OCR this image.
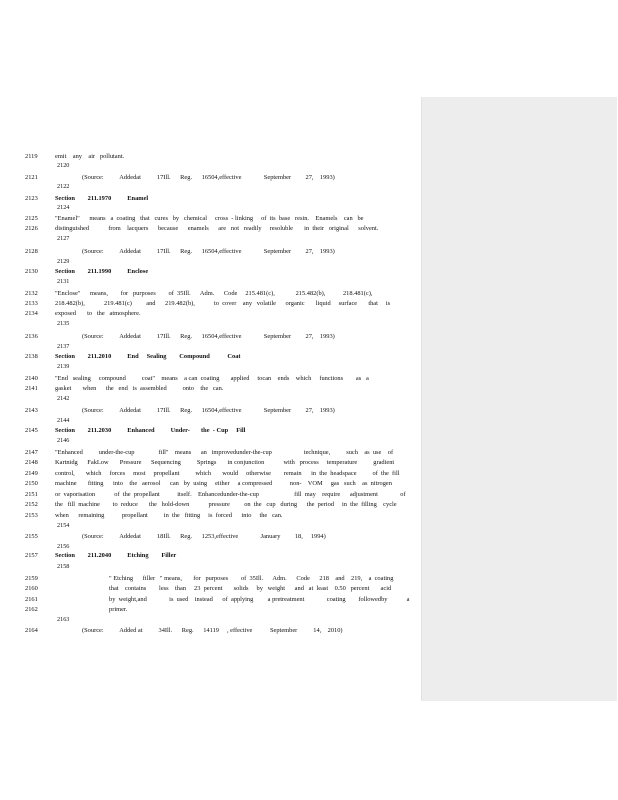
2119	emit    any    air   pollutant.
2120
2121	(Source:          Addedat          17Ill.      Reg.      16504,effective              September         27,    1993)
2122
2123	Section        211.1970          Enamel
2124
2125	"Enamel"      means   a  coating   that   cures   by   chemical     cross  - linking     of  its  base   resin.    Enamels    can   be
2126	distinguished            from    lacquers      because      enamels      are   not   readily     resoluble       in  their   original      solvent.
2127
2128	(Source:          Addedat          17Ill.      Reg.      16504,effective              September         27,    1993)
2129
2130	Section        211.1990          Enclose
2131
2132	"Enclose"      means,        for   purposes        of  35Ill.      Adm.      Code     215.481(c),             215.482(b),           218.481(c),
2133	218.482(b),            219.481(c)         and      219.482(b),            to  cover    any   volatile      organic       liquid     surface       that     is
2134	exposed       to   the   atmosphere.
2135
2136	(Source:          Addedat          17Ill.      Reg.      16504,effective              September         27,    1993)
2137
2138	Section        211.2010          End     Sealing        Compound           Coat
2139
2140	"End   sealing     compound          coat"    means    a can  coating       applied     tocan    ends    which     functions        as   a
2141	gasket       when      the   end   is  assembled          onto    the   can.
2142
2143	(Source:          Addedat          17Ill.      Reg.      16504,effective              September         27,    1993)
2144
2145	Section        211.2030          Enhanced          Under-       the  - Cup     Fill
2146
2147	"Enhanced          under-the-cup               fill"    means      an   improvedunder-the-cup                    technique,          such    as  use    of
2148	Kartnidg      FakLow       Pressure      Sequencing          Springs       in conjunction            with   process     temperature          gradient
2149	control,       which     forces     most     propellant          which       would     otherwise        remain      in  the  headspace          of  the  fill
2150	machine       fitting      into    the   aerosol      can   by  using     either     a compressed           non-    VOM     gas   such    as  nitrogen
2151	or  vaporisation            of  the  propellant           itself.    Enhancedunder-the-cup                      fill  may    require      adjustment              of
2152	the   fill  machine        to  reduce       the   hold-down            pressure         on  the   cup   during      the  period     in  the  filling    cycle
2153	when      remaining           propellant          in  the   fitting     is  forced      into     the   can.
2154
2155	(Source:          Addedat          18Ill.      Reg.      1253,effective              January         18,     1994)
2156
2157	Section        211.2040          Etching        Filler
2158
2159	" Etching      filler   " means,       for   purposes        of  35Ill.      Adm.      Code      218    and    219,    a  coating
2160	that    contains        less    than     23  percent       solids     by   weight      and   at  least    0.50   percent       acid
2161	by  weight,and              is  used    instead      of  applying         a pretreatment              coating        followedby            a
2162	primer.
2163
2164	(Source:          Added at          34Ill.      Reg.      14119     , effective           September          14,    2010)
